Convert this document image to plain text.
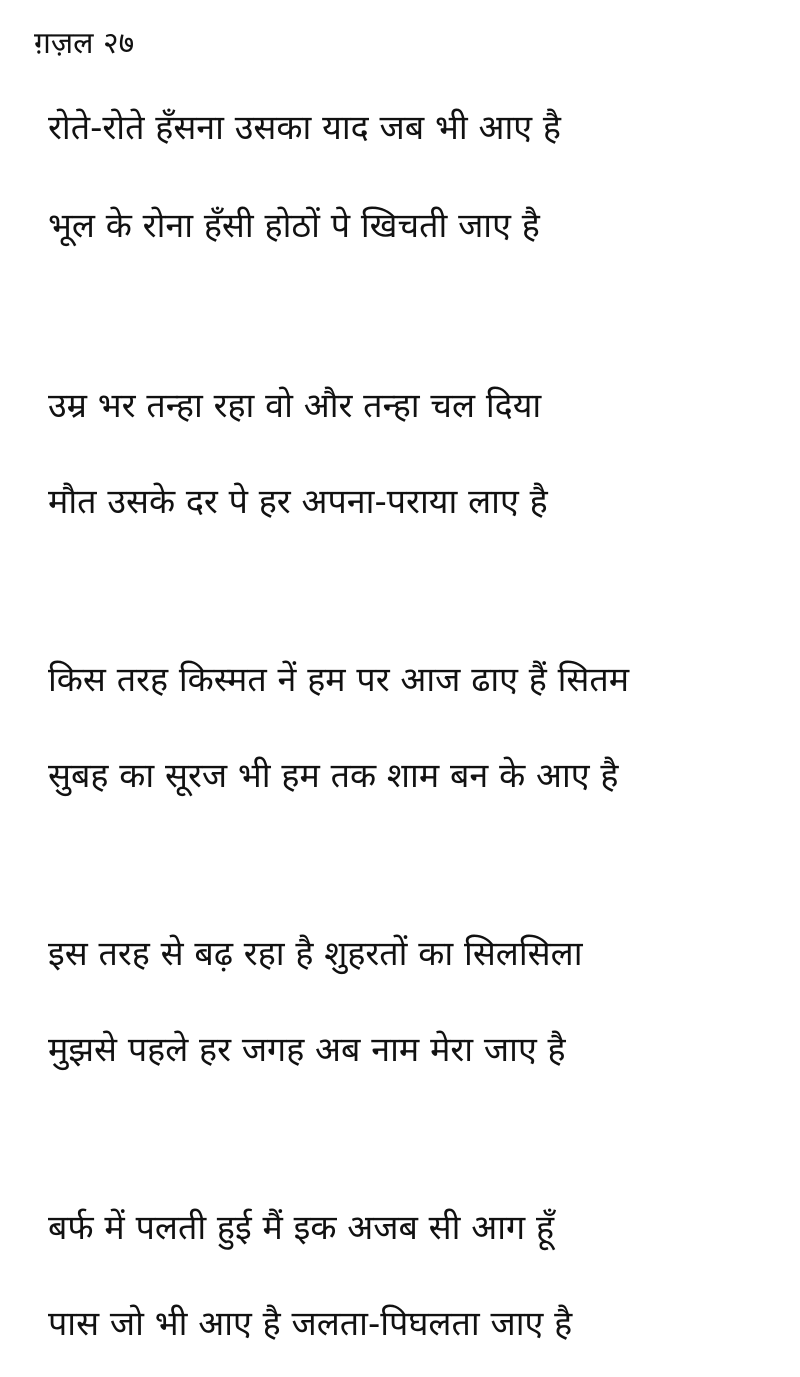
ग़ज़ल २७
रोते-रोते हँसना उसका याद जब भी आए है
भूल के रोना हँसी होठों पे खिचती जाए है
उम्र भर तन्हा रहा वो और तन्हा चल दिया
मौत उसके दर पे हर अपना-पराया लाए है
किस तरह किस्मत नें हम पर आज ढाए हैं सितम
सुबह का सूरज भी हम तक शाम बन के आए है
इस तरह से बढ़ रहा है शुहरतों का सिलसिला
मुझसे पहले हर जगह अब नाम मेरा जाए है
बर्फ में पलती हुई मैं इक अजब सी आग हूँ
पास जो भी आए है जलता-पिघलता जाए है
